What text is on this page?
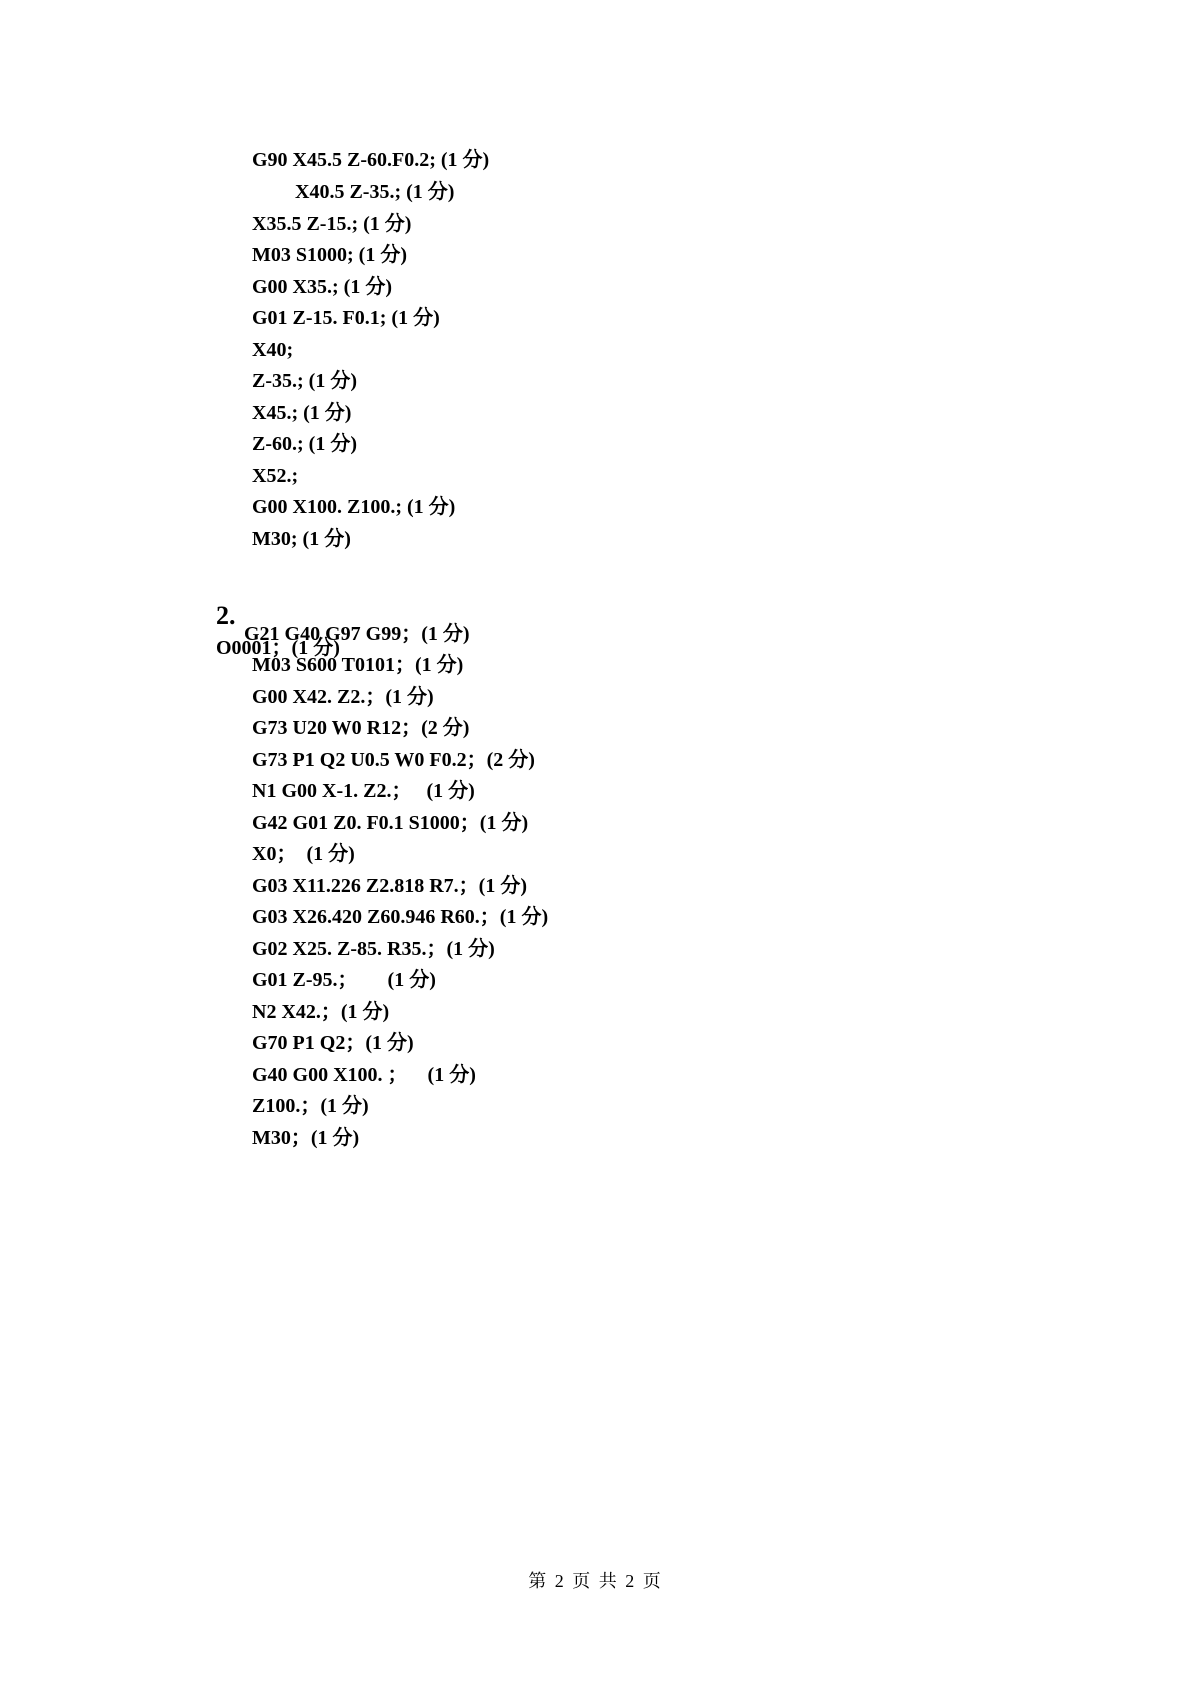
G90 X45.5 Z-60.F0.2; (1 分)
X40.5 Z-35.; (1 分)
X35.5 Z-15.; (1 分)
M03 S1000; (1 分)
G00 X35.; (1 分)
G01 Z-15. F0.1; (1 分)
X40;
Z-35.; (1 分)
X45.; (1 分)
Z-60.; (1 分)
X52.;
G00 X100. Z100.; (1 分)
M30; (1 分)

2.
O0001；(1 分)

G21 G40 G97 G99；(1 分)
M03 S600 T0101；(1 分)
G00 X42. Z2.；(1 分)
G73 U20 W0 R12；(2 分)
G73 P1 Q2 U0.5 W0 F0.2；(2 分)
N1 G00 X-1. Z2.；   (1 分)
G42 G01 Z0. F0.1 S1000；(1 分)
X0；  (1 分)
G03 X11.226 Z2.818 R7.；(1 分)
G03 X26.420 Z60.946 R60.；(1 分)
G02 X25. Z-85. R35.；(1 分)
G01 Z-95.；      (1 分)
N2 X42.；(1 分)
G70 P1 Q2；(1 分)
G40 G00 X100. ；    (1 分)
Z100.；(1 分)
M30；(1 分)
第 2 页 共 2 页
